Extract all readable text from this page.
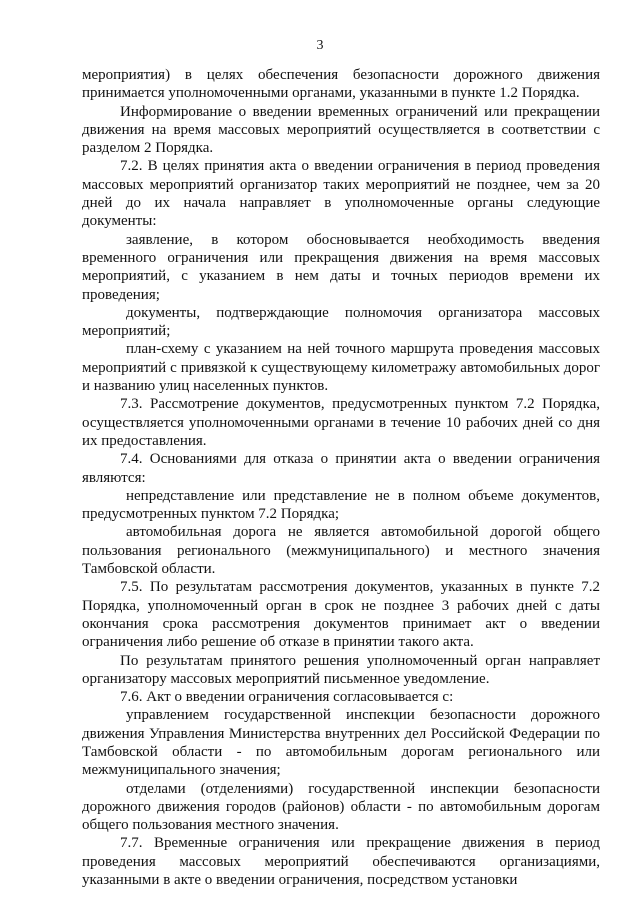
3

мероприятия) в целях обеспечения безопасности дорожного движения принимается уполномоченными органами, указанными в пункте 1.2 Порядка.

Информирование о введении временных ограничений или прекращении движения на время массовых мероприятий осуществляется в соответствии с разделом 2 Порядка.

7.2. В целях принятия акта о введении ограничения в период проведения массовых мероприятий организатор таких мероприятий не позднее, чем за 20 дней до их начала направляет в уполномоченные органы следующие документы:

заявление, в котором обосновывается необходимость введения временного ограничения или прекращения движения на время массовых мероприятий, с указанием в нем даты и точных периодов времени их проведения;

документы, подтверждающие полномочия организатора массовых мероприятий;

план-схему с указанием на ней точного маршрута проведения массовых мероприятий с привязкой к существующему километражу автомобильных дорог и названию улиц населенных пунктов.

7.3. Рассмотрение документов, предусмотренных пунктом 7.2 Порядка, осуществляется уполномоченными органами в течение 10 рабочих дней со дня их предоставления.

7.4. Основаниями для отказа о принятии акта о введении ограничения являются:

непредставление или представление не в полном объеме документов, предусмотренных пунктом 7.2 Порядка;

автомобильная дорога не является автомобильной дорогой общего пользования регионального (межмуниципального) и местного значения Тамбовской области.

7.5. По результатам рассмотрения документов, указанных в пункте 7.2 Порядка, уполномоченный орган в срок не позднее 3 рабочих дней с даты окончания срока рассмотрения документов принимает акт о введении ограничения либо решение об отказе в принятии такого акта.

По результатам принятого решения уполномоченный орган направляет организатору массовых мероприятий письменное уведомление.

7.6. Акт о введении ограничения согласовывается с:

управлением государственной инспекции безопасности дорожного движения Управления Министерства внутренних дел Российской Федерации по Тамбовской области - по автомобильным дорогам регионального или межмуниципального значения;

отделами (отделениями) государственной инспекции безопасности дорожного движения городов (районов) области - по автомобильным дорогам общего пользования местного значения.

7.7. Временные ограничения или прекращение движения в период проведения массовых мероприятий обеспечиваются организациями, указанными в акте о введении ограничения, посредством установки
